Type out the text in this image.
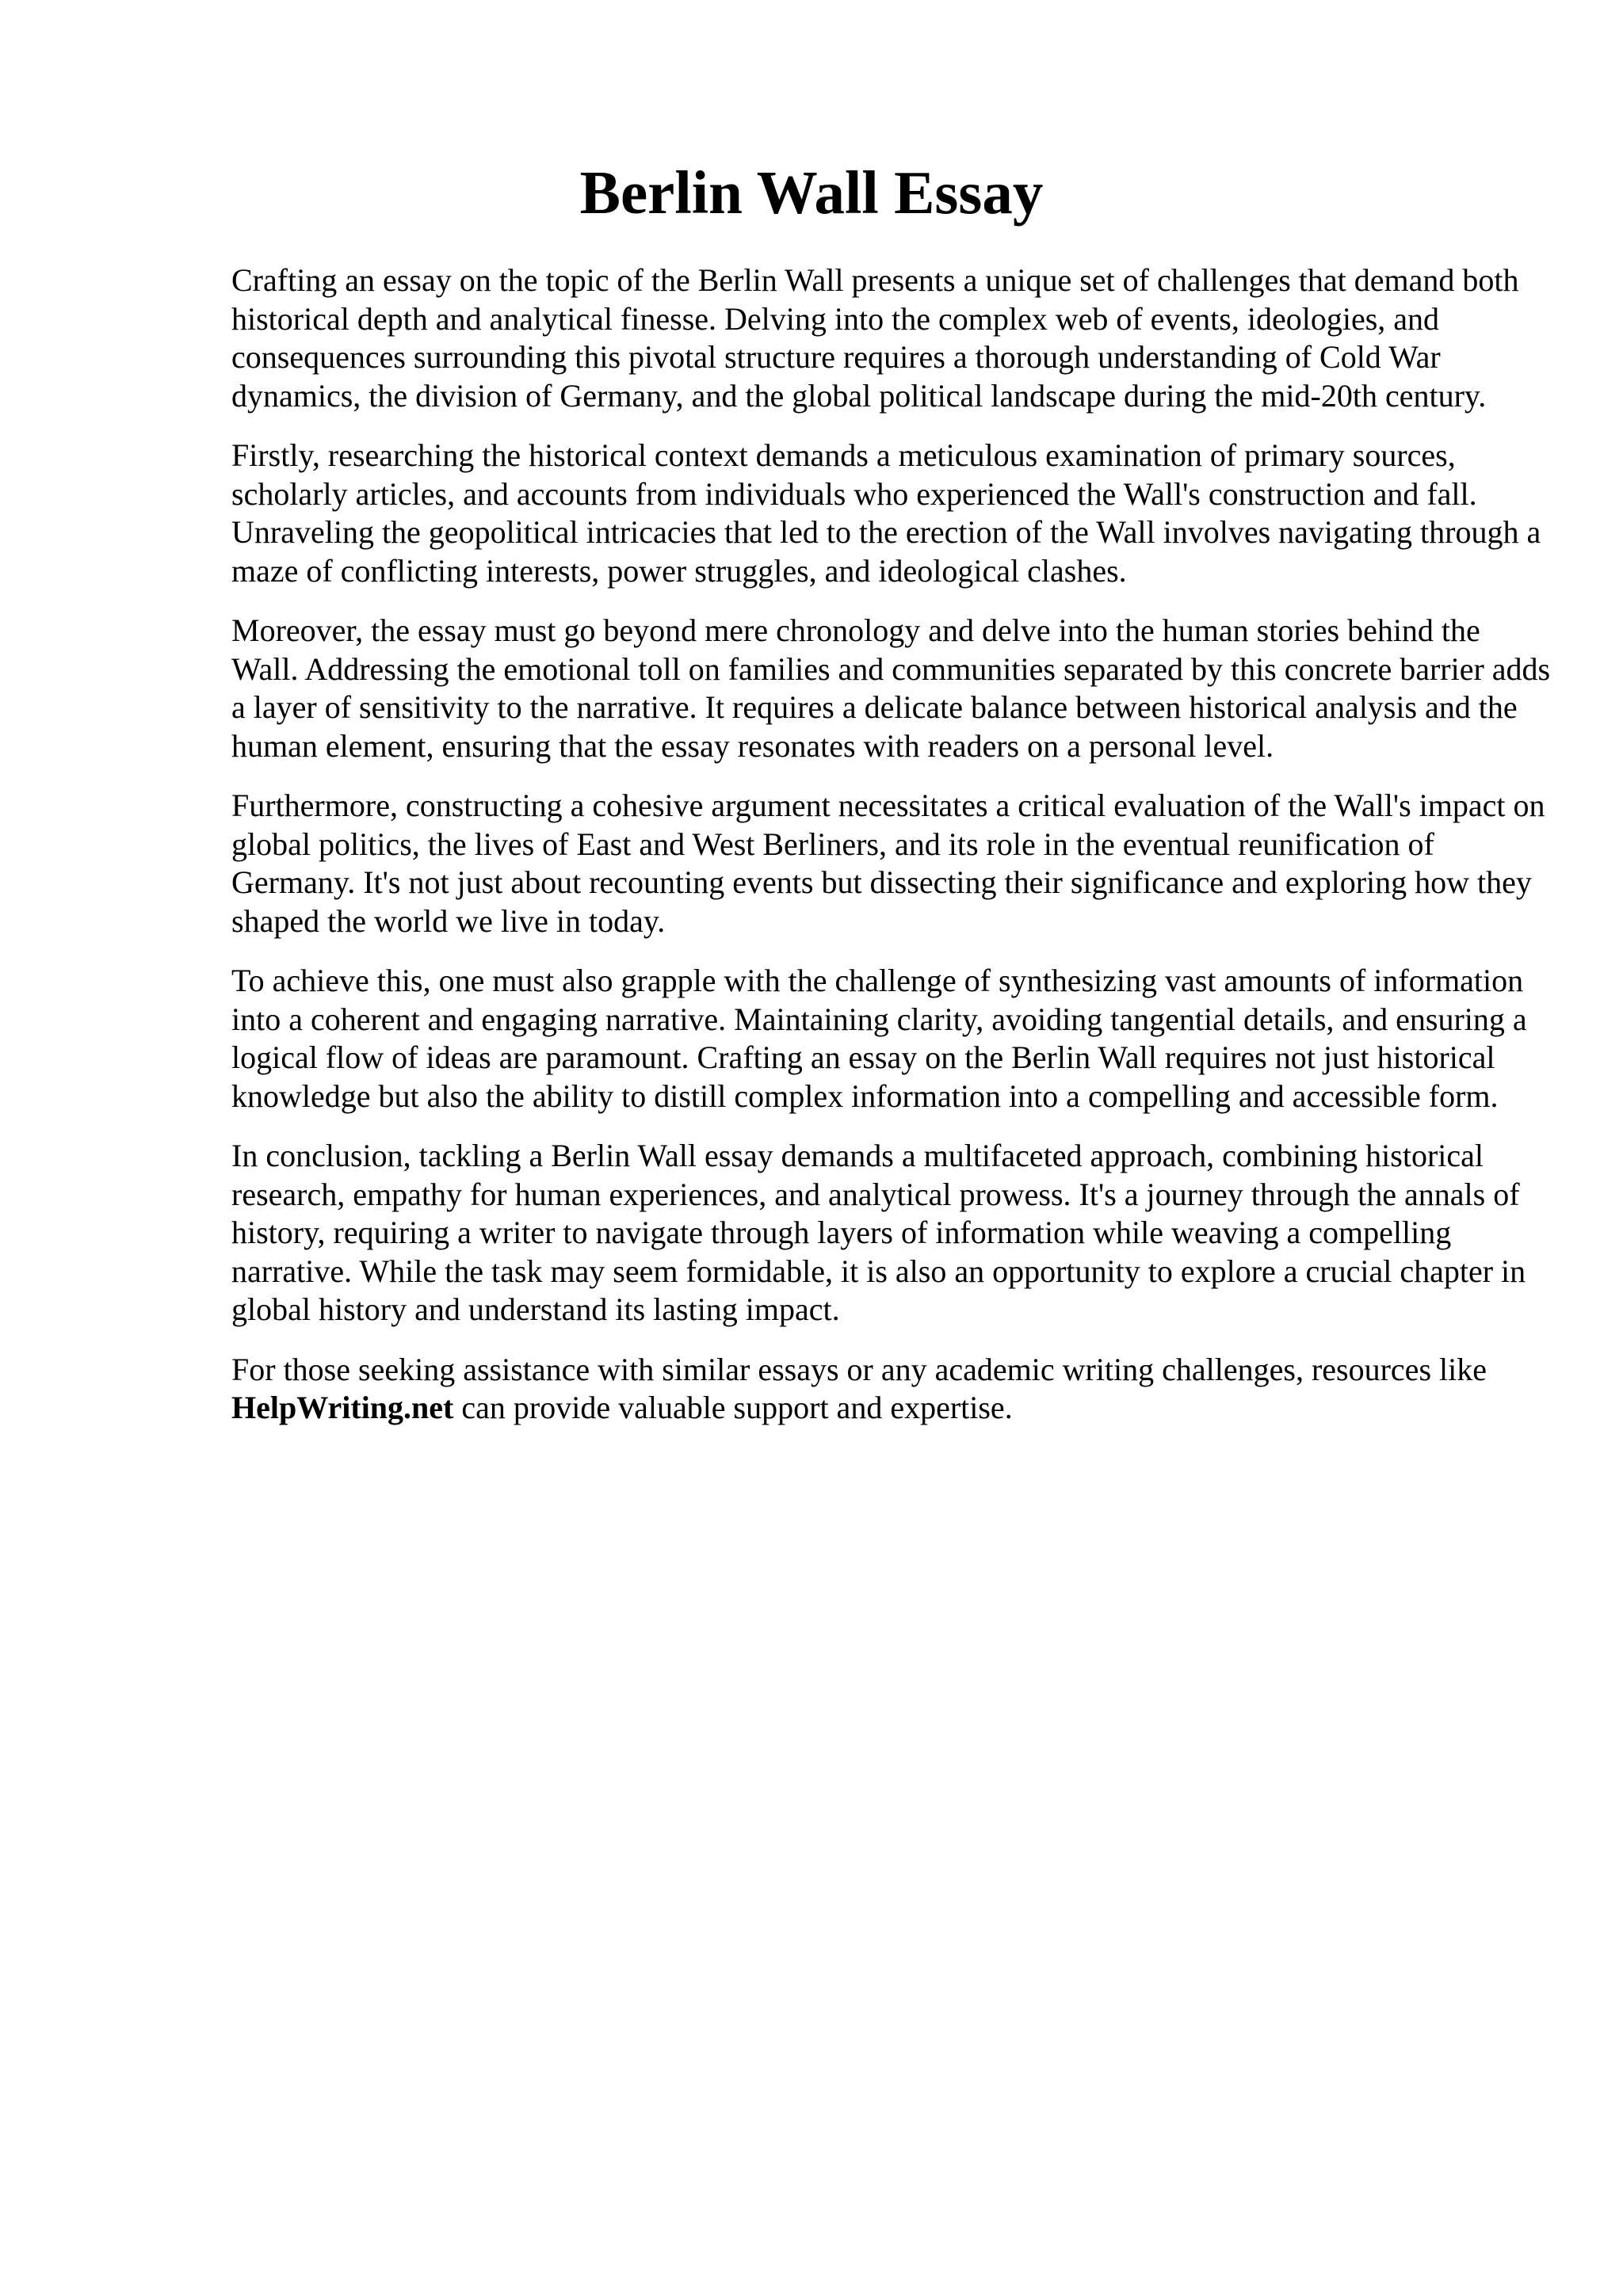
Berlin Wall Essay

Crafting an essay on the topic of the Berlin Wall presents a unique set of challenges that demand both historical depth and analytical finesse. Delving into the complex web of events, ideologies, and consequences surrounding this pivotal structure requires a thorough understanding of Cold War dynamics, the division of Germany, and the global political landscape during the mid-20th century.

Firstly, researching the historical context demands a meticulous examination of primary sources, scholarly articles, and accounts from individuals who experienced the Wall's construction and fall. Unraveling the geopolitical intricacies that led to the erection of the Wall involves navigating through a maze of conflicting interests, power struggles, and ideological clashes.

Moreover, the essay must go beyond mere chronology and delve into the human stories behind the Wall. Addressing the emotional toll on families and communities separated by this concrete barrier adds a layer of sensitivity to the narrative. It requires a delicate balance between historical analysis and the human element, ensuring that the essay resonates with readers on a personal level.

Furthermore, constructing a cohesive argument necessitates a critical evaluation of the Wall's impact on global politics, the lives of East and West Berliners, and its role in the eventual reunification of Germany. It's not just about recounting events but dissecting their significance and exploring how they shaped the world we live in today.

To achieve this, one must also grapple with the challenge of synthesizing vast amounts of information into a coherent and engaging narrative. Maintaining clarity, avoiding tangential details, and ensuring a logical flow of ideas are paramount. Crafting an essay on the Berlin Wall requires not just historical knowledge but also the ability to distill complex information into a compelling and accessible form.

In conclusion, tackling a Berlin Wall essay demands a multifaceted approach, combining historical research, empathy for human experiences, and analytical prowess. It's a journey through the annals of history, requiring a writer to navigate through layers of information while weaving a compelling narrative. While the task may seem formidable, it is also an opportunity to explore a crucial chapter in global history and understand its lasting impact.

For those seeking assistance with similar essays or any academic writing challenges, resources like HelpWriting.net can provide valuable support and expertise.
